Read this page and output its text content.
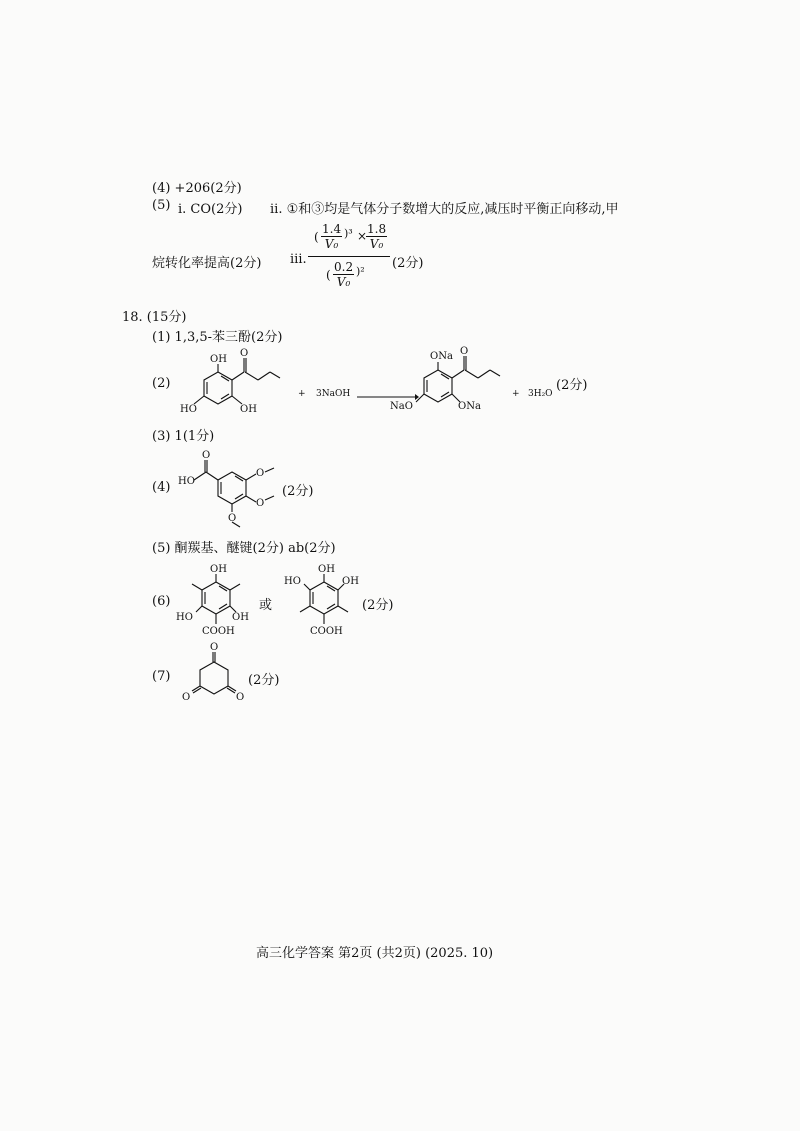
(4) +206(2分)
(5) ⅰ. CO(2分) ⅱ. ①和③均是气体分子数增大的反应,减压时平衡正向移动,甲
烷转化率提高(2分) ⅲ.
( $\frac{1.4}{\text{V₀}} )^3$ ×
$\frac{1.8}{\text{V₀}}$
( $\frac{0.2}{\text{V₀}} )^2$
(2分)
18. (15分)
(1) 1,3,5-苯三酚(2分)
(2)
OH
O
OH
HO
+ 3NaOH
ONa O
ONa
NaO
+ 3H₂O
(2分)
(3) 1(1分)
(4) HO
O
O
O
O
(2分)
(5) 酮羰基、醚键(2分) ab(2分)
(6)
OH
OH
HO
COOH
或
OH
OH
HO
COOH
(2分)
(7)
O
O
O
(2分)
高三化学答案 第2页 (共2页) (2025. 10)
